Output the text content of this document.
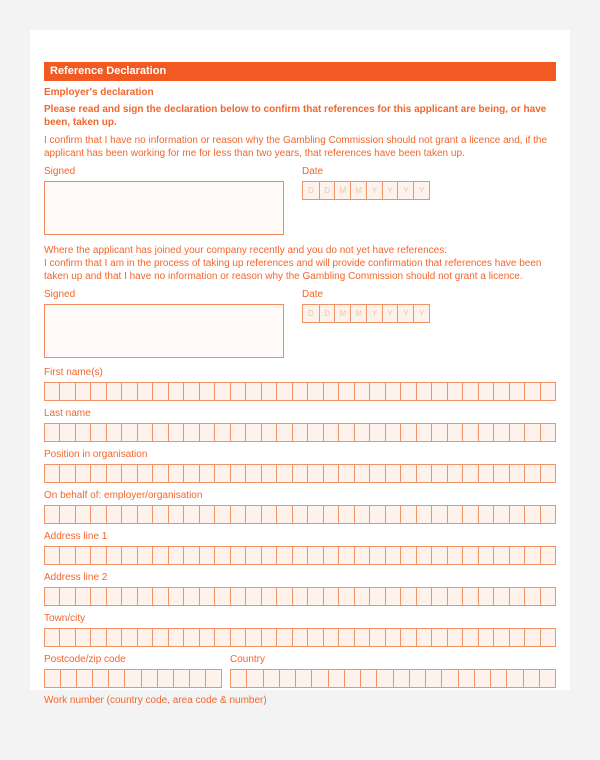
Reference Declaration
Employer's declaration

Please read and sign the declaration below to confirm that references for this applicant are being, or have been, taken up.

I confirm that I have no information or reason why the Gambling Commission should not grant a licence and, if the applicant has been working for me for less than two years, that references have been taken up.

Signed	Date
D	D	M	M	Y	Y	Y	Y

Where the applicant has joined your company recently and you do not yet have references:

I confirm that I am in the process of taking up references and will provide confirmation that references have been taken up and that I have no information or reason why the Gambling Commission should not grant a licence.

Signed	Date
D	D	M	M	Y	Y	Y	Y
First name(s)
Last name
Position in organisation
On behalf of: employer/organisation
Address line 1
Address line 2
Town/city
Postcode/zip code	Country
Work number (country code, area code & number)
